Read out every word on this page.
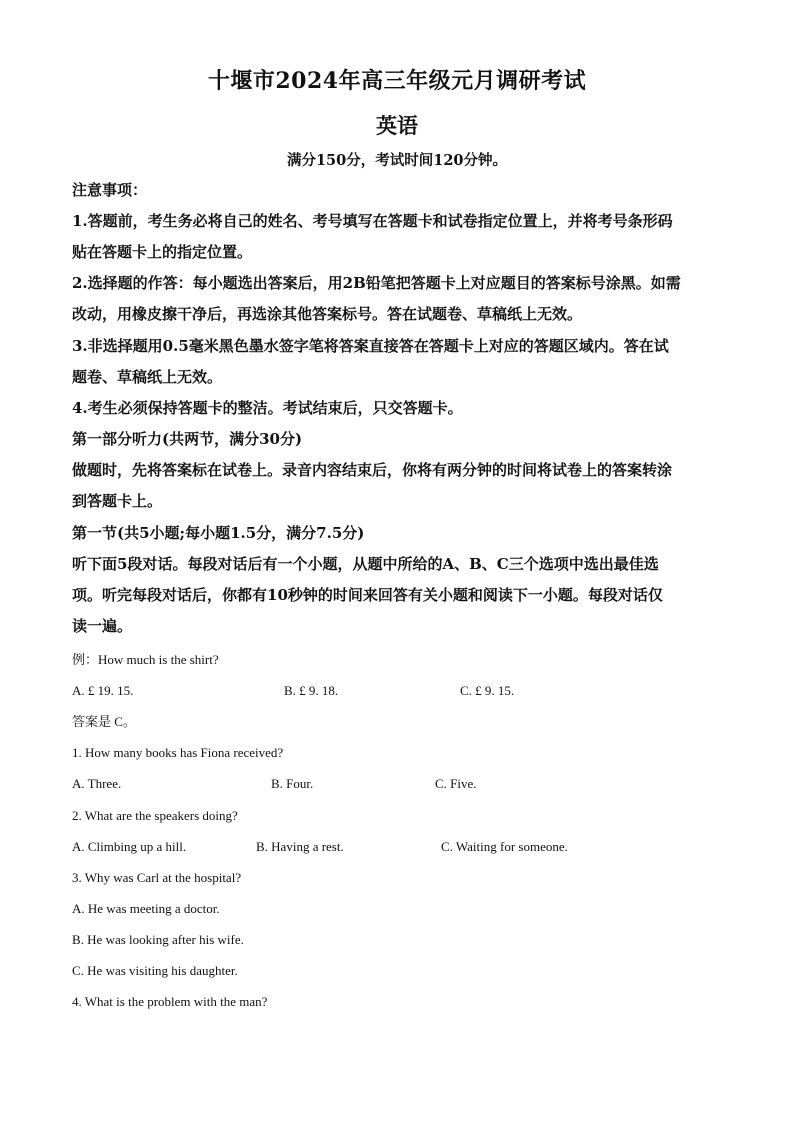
十堰市2024年高三年级元月调研考试
英语
满分150分，考试时间120分钟。
注意事项：
1.答题前，考生务必将自己的姓名、考号填写在答题卡和试卷指定位置上，并将考号条形码
贴在答题卡上的指定位置。
2.选择题的作答：每小题选出答案后，用2B铅笔把答题卡上对应题目的答案标号涂黑。如需
改动，用橡皮擦干净后，再选涂其他答案标号。答在试题卷、草稿纸上无效。
3.非选择题用0.5毫米黑色墨水签字笔将答案直接答在答题卡上对应的答题区域内。答在试
题卷、草稿纸上无效。
4.考生必须保持答题卡的整洁。考试结束后，只交答题卡。
第一部分听力(共两节，满分30分)
做题时，先将答案标在试卷上。录音内容结束后，你将有两分钟的时间将试卷上的答案转涂
到答题卡上。
第一节(共5小题;每小题1.5分，满分7.5分)
听下面5段对话。每段对话后有一个小题，从题中所给的A、B、C三个选项中选出最佳选
项。听完每段对话后，你都有10秒钟的时间来回答有关小题和阅读下一小题。每段对话仅
读一遍。
例：How much is the shirt?
A. £ 19. 15.	B. £ 9. 18.	C. £ 9. 15.
答案是 C。
1. How many books has Fiona received?
A. Three.	B. Four.	C. Five.
2. What are the speakers doing?
A. Climbing up a hill.	B. Having a rest.	C. Waiting for someone.
3. Why was Carl at the hospital?
A. He was meeting a doctor.
B. He was looking after his wife.
C. He was visiting his daughter.
4. What is the problem with the man?
